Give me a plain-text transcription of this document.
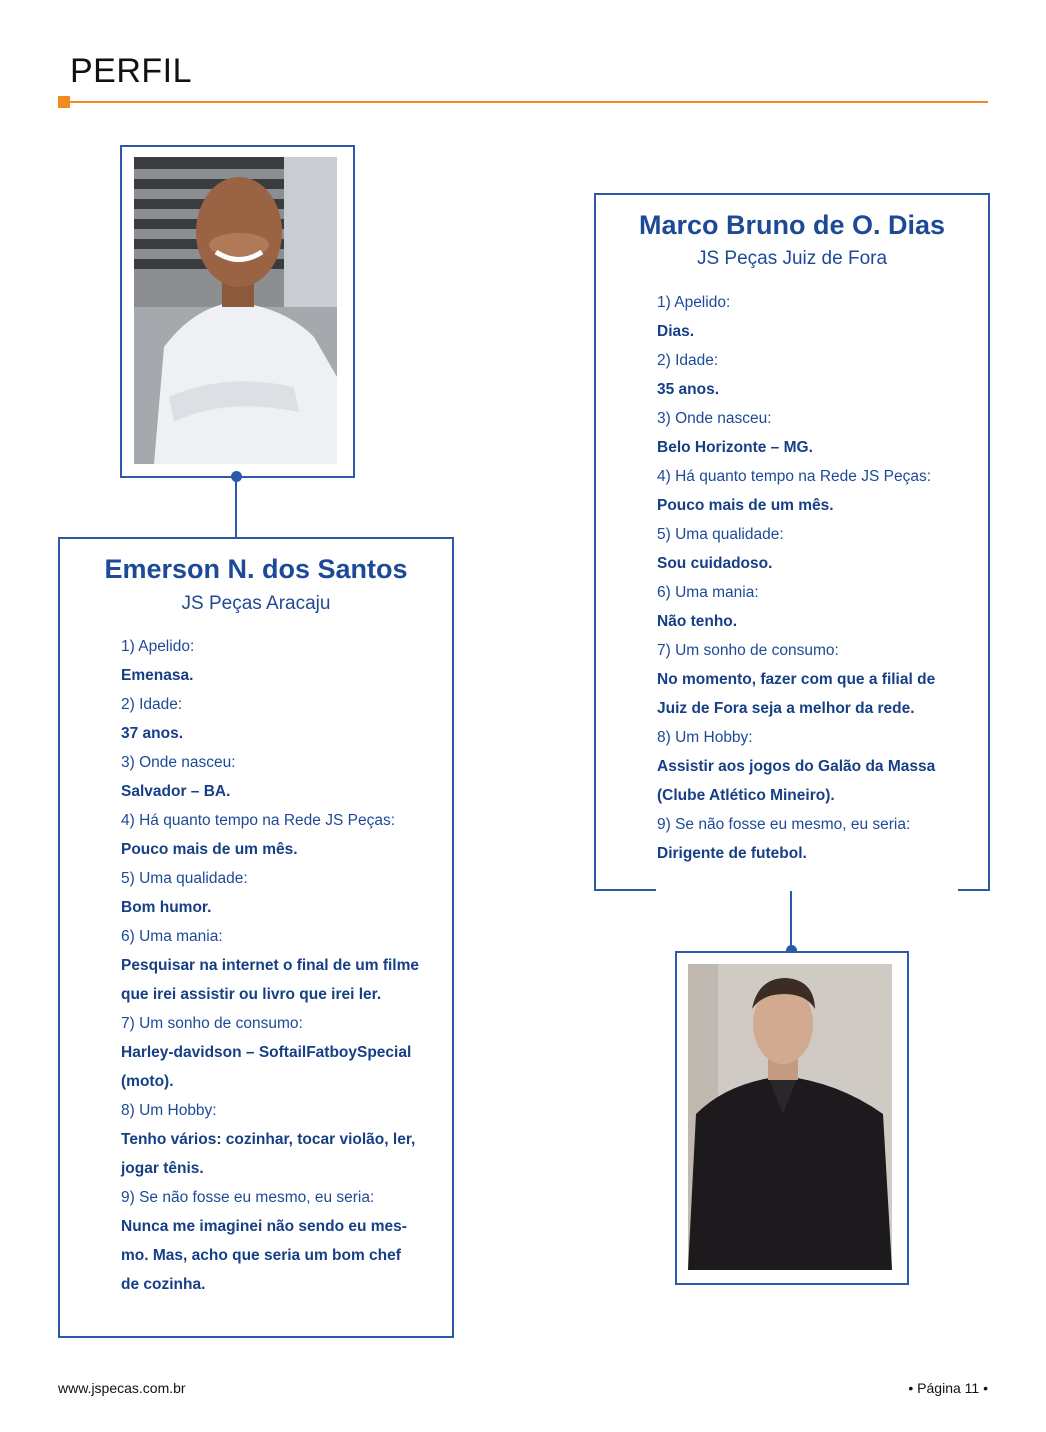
PERFIL
Emerson N. dos Santos
JS Peças Aracaju
1) Apelido:
Emenasa.
2) Idade:
37 anos.
3) Onde nasceu:
Salvador – BA.
4) Há quanto tempo na Rede JS Peças:
Pouco mais de um mês.
5) Uma qualidade:
Bom humor.
6) Uma mania:
Pesquisar na internet o final de um filme
que irei assistir ou livro que irei ler.
7) Um sonho de consumo:
Harley-davidson – SoftailFatboySpecial
(moto).
8) Um Hobby:
Tenho vários: cozinhar, tocar violão, ler,
jogar tênis.
9) Se não fosse eu mesmo, eu seria:
Nunca me imaginei não sendo eu mes-
mo. Mas, acho que seria um bom chef
de cozinha.
Marco Bruno de O. Dias
JS Peças Juiz de Fora
1) Apelido:
Dias.
2) Idade:
35 anos.
3) Onde nasceu:
Belo Horizonte – MG.
4) Há quanto tempo na Rede JS Peças:
Pouco mais de um mês.
5) Uma qualidade:
Sou cuidadoso.
6) Uma mania:
Não tenho.
7) Um sonho de consumo:
No momento, fazer com que a filial de
Juiz de Fora seja a melhor da rede.
8) Um Hobby:
Assistir aos jogos do Galão da Massa
(Clube Atlético Mineiro).
9) Se não fosse eu mesmo, eu seria:
Dirigente de futebol.
www.jspecas.com.br	• Página 11 •
